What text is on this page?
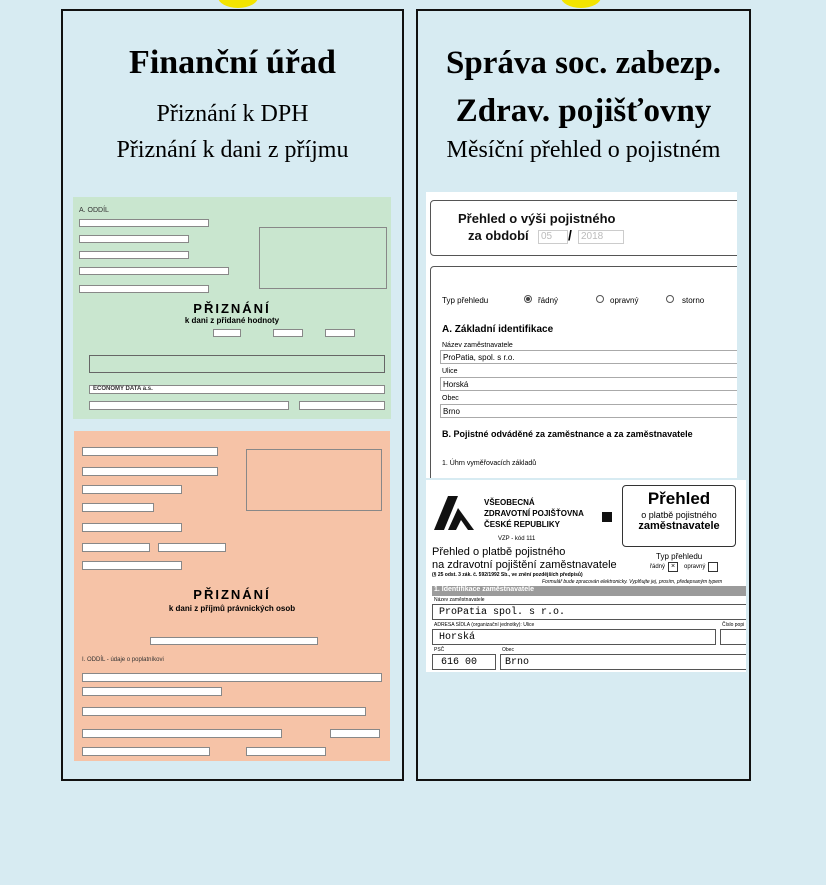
Finanční úřad
Přiznání k DPH
Přiznání k dani z příjmu
A. ODDÍL
PŘIZNÁNÍ
k dani z přidané hodnoty
ECONOMY DATA a.s.
PŘIZNÁNÍ
k dani z příjmů právnických osob
I. ODDÍL - údaje o poplatníkovi
Správa soc. zabezp.
Zdrav. pojišťovny
Měsíční přehled o pojistném
Přehled o výši pojistného
za období	05	/ 2018
Typ přehledu	řádný	opravný	storno
A. Základní identifikace
Název zaměstnavatele
ProPatia, spol. s r.o.
Ulice
Horská
Obec
Brno
B. Pojistné odváděné za zaměstnance a za zaměstnavatele
1. Úhrn vyměřovacích základů
VŠEOBECNÁ
ZDRAVOTNÍ POJIŠŤOVNA
ČESKÉ REPUBLIKY
VZP - kód 111
Přehled
o platbě pojistného
zaměstnavatele
Přehled o platbě pojistného
na zdravotní pojištění zaměstnavatele
(§ 25 odst. 3 zák. č. 592/1992 Sb., ve znění pozdějších předpisů)
Typ přehledu
řádný ×	opravný
Formulář bude zpracován elektronicky. Vyplňujte jej, prosím, předepsaným typem
1. Identifikace zaměstnavatele
Název zaměstnavatele
ProPatia spol. s r.o.
ADRESA SÍDLA (organizační jednotky): Ulice	Číslo popi
Horská
PSČ	Obec
616 00	Brno
